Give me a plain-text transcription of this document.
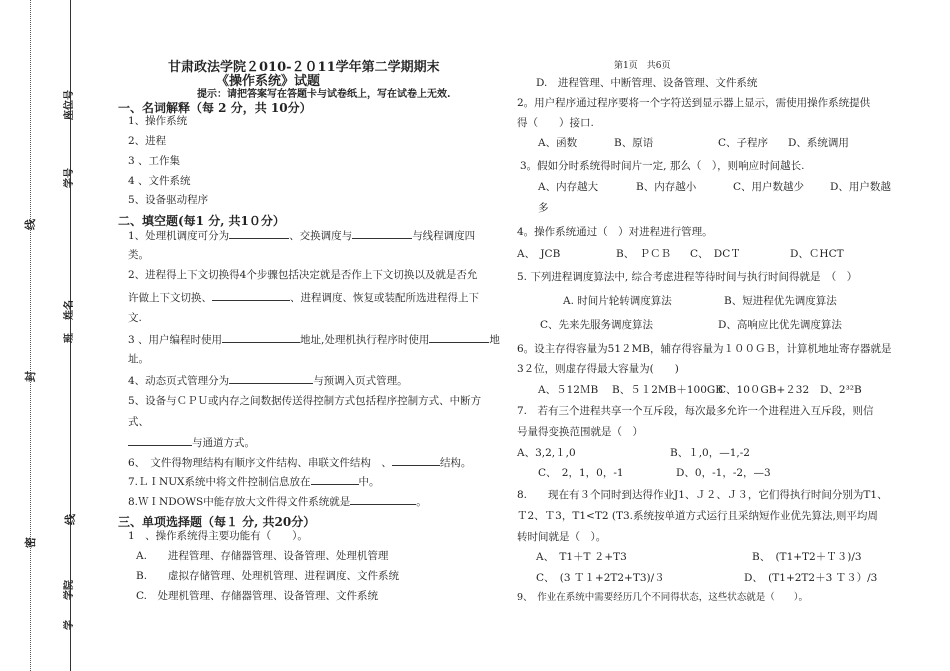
座位号
学号
姓名
班
学院
学
线
封
线
密
甘肃政法学院２010-２０11学年第二学期期末
《操作系统》试题
提示：请把答案写在答题卡与试卷纸上，写在试卷上无效.
一、名词解释（每 2 分，共 10分）
1、操作系统
2、进程
3 、工作集
4 、文件系统
5、设备驱动程序
二、填空题(每1 分, 共1０分）
1、处理机调度可分为	、交换调度与	与线程调度四
类。
2、进程得上下文切换得4个步骤包括决定就是否作上下文切换以及就是否允
许做上下文切换、	、进程调度、恢复或装配所选进程得上下
文.
3 、用户编程时使用	地址,处理机执行程序时使用	地
址。
4、动态页式管理分为	与预调入页式管理。
5、设备与ＣＰＵ或内存之间数据传送得控制方式包括程序控制方式、中断方
式、
与通道方式。
6、　文件得物理结构有顺序文件结构、串联文件结构　、	结构。
7.ＬＩNUX系统中将文件控制信息放在	中。
8.ＷＩNDOWS中能存放大文件得文件系统就是	。
三、单项选择题（每１ 分, 共20分）
1　、操作系统得主要功能有（　　）。
A.　　进程管理、存储器管理、设备管理、处理机管理
B.　　虚拟存储管理、处理机管理、进程调度、文件系统
C.　处理机管理、存储器管理、设备管理、文件系统
第1页　共6页
D.　进程管理、中断管理、设备管理、文件系统
2。用户程序通过程序要将一个字符送到显示器上显示，需使用操作系统提供
得（　　）接口.
A、函数	B、原语	C、子程序 D、系统调用
3。假如分时系统得时间片一定, 那么（　），则响应时间越长.
A、内存越大	B、内存越小	C、用户数越少 D、用户数越
多
4。操作系统通过（　）对进程进行管理。
A、　JCB	B、　ＰＣＢ C、　DCＴ	D、ＣHCT
5. 下列进程调度算法中, 综合考虑进程等待时间与执行时间得就是　（　）
A. 时间片轮转调度算法	B、短进程优先调度算法
C、先来先服务调度算法	D、高响应比优先调度算法
6。设主存得容量为51２MB，辅存得容量为１００ＧＢ，计算机地址寄存器就是
3２位，则虚存得最大容量为(　　)
A、５12ＭB B、５１2MB＋100GB
C、10０GB+２32 D、2³²B
7.　若有三个进程共享一个互斥段，每次最多允许一个进程进入互斥段，则信
号量得变换范围就是（　）
A、3,2,１,0	B、１,0，—1,-2
C、　2，1，0，-1	D、0，-1，-2，—3
8.　　现在有３个同时到达得作业J1、Ｊ２、Ｊ３，它们得执行时间分别为T1、
Ｔ2、Ｔ3，T1<T2 (T3.系统按单道方式运行且采纳短作业优先算法,则平均周
转时间就是（　）。
A、　T1＋T ２+T3	B、　(T1+T2＋Ｔ３)/3
C、　(3 Ｔ１+2T2+T3)/３	D、　(T1+2T2＋3 Ｔ３）/3
9、　作业在系统中需要经历几个不同得状态，这些状态就是（　　）。
